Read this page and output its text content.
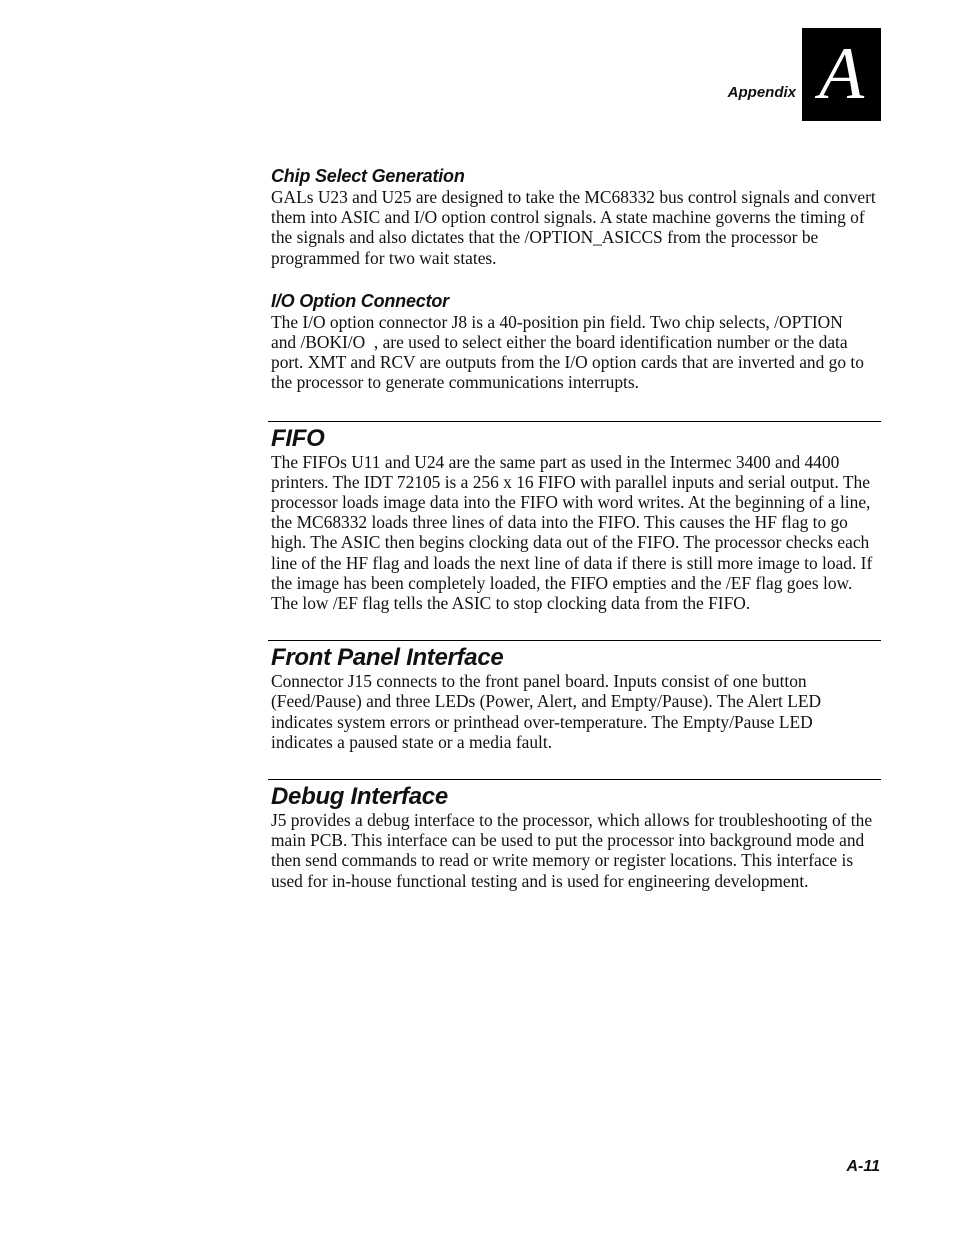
Appendix A
Chip Select Generation

GALs U23 and U25 are designed to take the MC68332 bus control signals and convert them into ASIC and I/O option control signals. A state machine governs the timing of the signals and also dictates that the /OPTION_ASICCS from the processor be programmed for two wait states.

I/O Option Connector

The I/O option connector J8 is a 40-position pin field. Two chip selects, /OPTION   and /BOKI/O  , are used to select either the board identification number or the data port. XMT and RCV are outputs from the I/O option cards that are inverted and go to the processor to generate communications interrupts.

FIFO

The FIFOs U11 and U24 are the same part as used in the Intermec 3400 and 4400 printers. The IDT 72105 is a 256 x 16 FIFO with parallel inputs and serial output. The processor loads image data into the FIFO with word writes. At the beginning of a line, the MC68332 loads three lines of data into the FIFO. This causes the HF flag to go high. The ASIC then begins clocking data out of the FIFO. The processor checks each line of the HF flag and loads the next line of data if there is still more image to load. If the image has been completely loaded, the FIFO empties and the /EF flag goes low. The low /EF flag tells the ASIC to stop clocking data from the FIFO.

Front Panel Interface

Connector J15 connects to the front panel board. Inputs consist of one button (Feed/Pause) and three LEDs (Power, Alert, and Empty/Pause). The Alert LED indicates system errors or printhead over-temperature. The Empty/Pause LED indicates a paused state or a media fault.

Debug Interface

J5 provides a debug interface to the processor, which allows for troubleshooting of the main PCB. This interface can be used to put the processor into background mode and then send commands to read or write memory or register locations. This interface is used for in-house functional testing and is used for engineering development.

A-11
